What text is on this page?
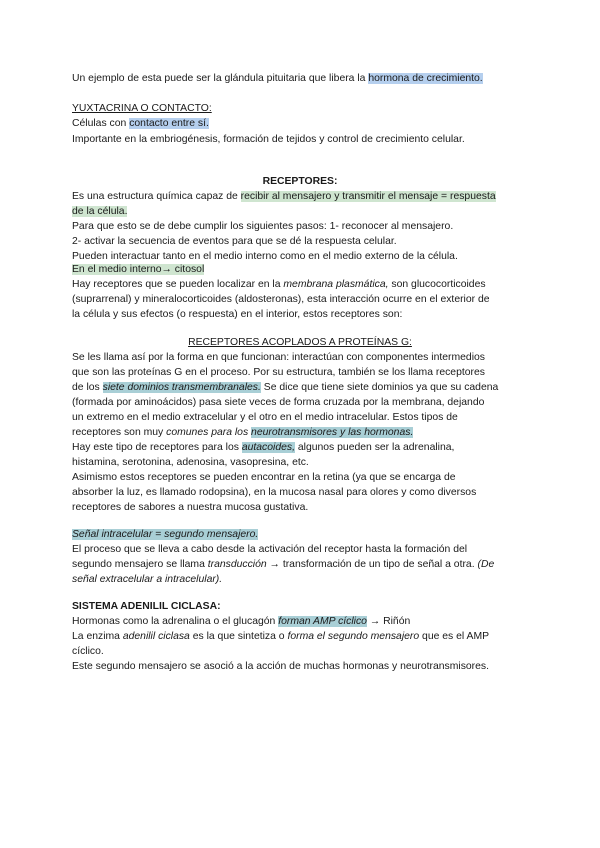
Un ejemplo de esta puede ser la glándula pituitaria que libera la hormona de crecimiento.
YUXTACRINA O CONTACTO:
Células con contacto entre sí.
Importante en la embriogénesis, formación de tejidos y control de crecimiento celular.
RECEPTORES:
Es una estructura química capaz de recibir al mensajero y transmitir el mensaje = respuesta
de la célula.
Para que esto se de debe cumplir los siguientes pasos: 1- reconocer al mensajero.
2- activar la secuencia de eventos para que se dé la respuesta celular.
Pueden interactuar tanto en el medio interno como en el medio externo de la célula.
En el medio interno→ citosol
Hay receptores que se pueden localizar en la membrana plasmática, son glucocorticoides
(suprarrenal) y mineralocorticoides (aldosteronas), esta interacción ocurre en el exterior de
la célula y sus efectos (o respuesta) en el interior, estos receptores son:
RECEPTORES ACOPLADOS A PROTEÍNAS G:
Se les llama así por la forma en que funcionan: interactúan con componentes intermedios
que son las proteínas G en el proceso. Por su estructura, también se los llama receptores
de los siete dominios transmembranales. Se dice que tiene siete dominios ya que su cadena
(formada por aminoácidos) pasa siete veces de forma cruzada por la membrana, dejando
un extremo en el medio extracelular y el otro en el medio intracelular. Estos tipos de
receptores son muy comunes para los neurotransmisores y las hormonas.
Hay este tipo de receptores para los autacoides, algunos pueden ser la adrenalina,
histamina, serotonina, adenosina, vasopresina, etc.
Asimismo estos receptores se pueden encontrar en la retina (ya que se encarga de
absorber la luz, es llamado rodopsina), en la mucosa nasal para olores y como diversos
receptores de sabores a nuestra mucosa gustativa.
Señal intracelular = segundo mensajero.
El proceso que se lleva a cabo desde la activación del receptor hasta la formación del
segundo mensajero se llama transducción → transformación de un tipo de señal a otra. (De
señal extracelular a intracelular).
SISTEMA ADENILIL CICLASA:
Hormonas como la adrenalina o el glucagón forman AMP cíclico → Riñón
La enzima adenilil ciclasa es la que sintetiza o forma el segundo mensajero que es el AMP
cíclico.
Este segundo mensajero se asoció a la acción de muchas hormonas y neurotransmisores.
